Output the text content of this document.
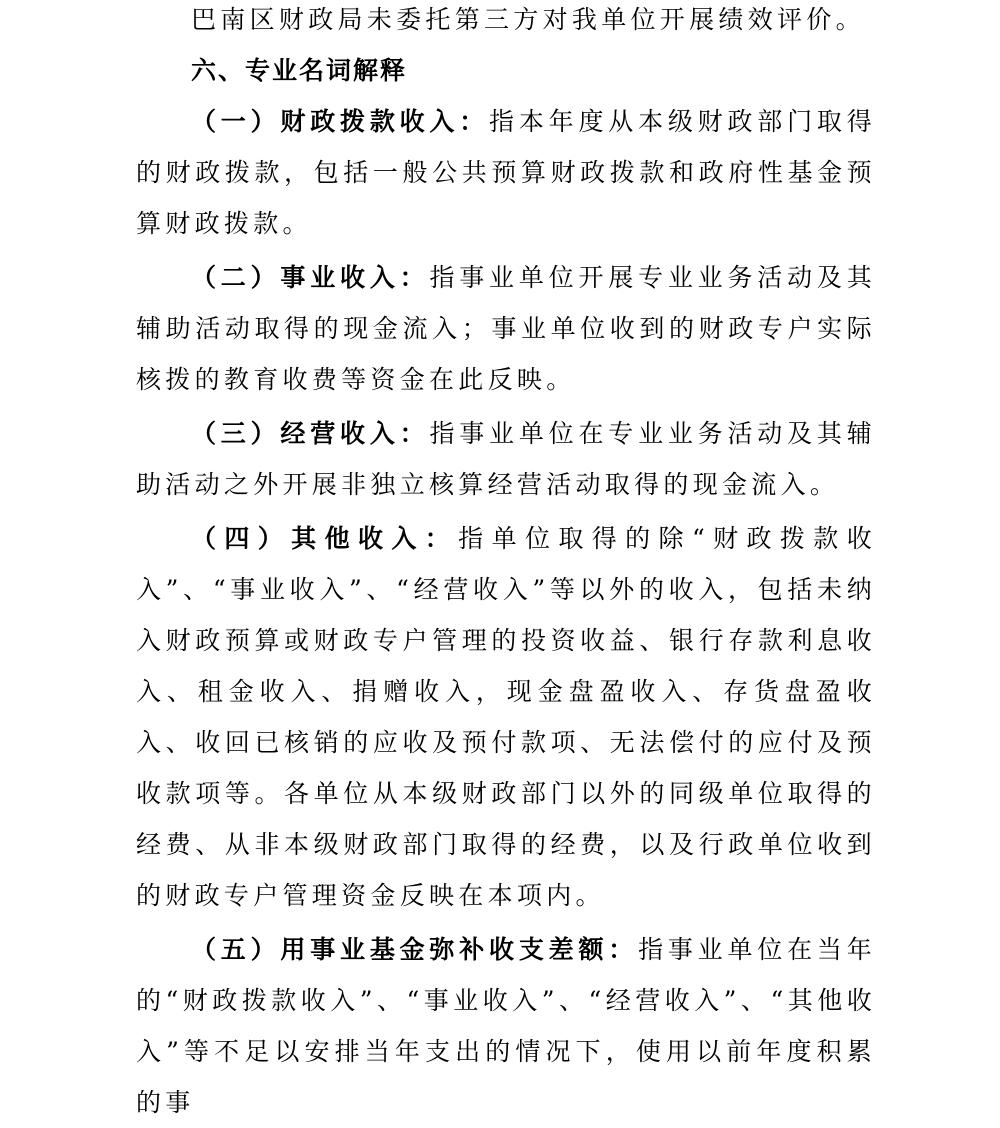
巴南区财政局未委托第三方对我单位开展绩效评价。

六、专业名词解释

（一）财政拨款收入：指本年度从本级财政部门取得的财政拨款，包括一般公共预算财政拨款和政府性基金预算财政拨款。

（二）事业收入：指事业单位开展专业业务活动及其辅助活动取得的现金流入；事业单位收到的财政专户实际核拨的教育收费等资金在此反映。

（三）经营收入：指事业单位在专业业务活动及其辅助活动之外开展非独立核算经营活动取得的现金流入。

（四）其他收入：指单位取得的除“财政拨款收入”、“事业收入”、“经营收入”等以外的收入，包括未纳入财政预算或财政专户管理的投资收益、银行存款利息收入、租金收入、捐赠收入，现金盘盈收入、存货盘盈收入、收回已核销的应收及预付款项、无法偿付的应付及预收款项等。各单位从本级财政部门以外的同级单位取得的经费、从非本级财政部门取得的经费，以及行政单位收到的财政专户管理资金反映在本项内。

（五）用事业基金弥补收支差额：指事业单位在当年的“财政拨款收入”、“事业收入”、“经营收入”、“其他收入”等不足以安排当年支出的情况下，使用以前年度积累的事
